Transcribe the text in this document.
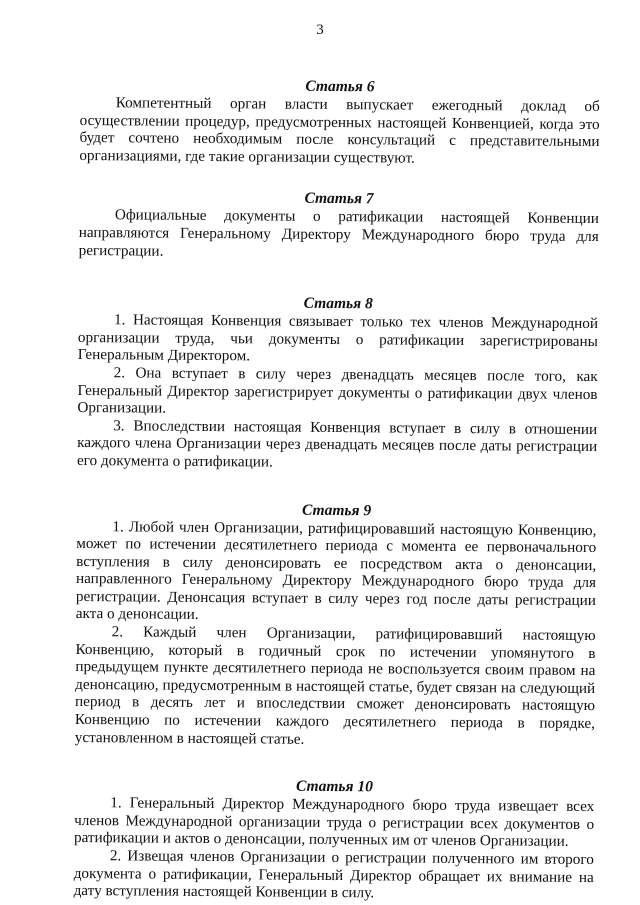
3
Статья 6

Компетентный орган власти выпускает ежегодный доклад об осуществлении процедур, предусмотренных настоящей Конвенцией, когда это будет сочтено необходимым после консультаций с представительными организациями, где такие организации существуют.

Статья 7

Официальные документы о ратификации настоящей Конвенции направляются Генеральному Директору Международного бюро труда для регистрации.

Статья 8

1. Настоящая Конвенция связывает только тех членов Международной организации труда, чьи документы о ратификации зарегистрированы Генеральным Директором.

2. Она вступает в силу через двенадцать месяцев после того, как Генеральный Директор зарегистрирует документы о ратификации двух членов Организации.

3. Впоследствии настоящая Конвенция вступает в силу в отношении каждого члена Организации через двенадцать месяцев после даты регистрации его документа о ратификации.

Статья 9

1. Любой член Организации, ратифицировавший настоящую Конвенцию, может по истечении десятилетнего периода с момента ее первоначального вступления в силу денонсировать ее посредством акта о денонсации, направленного Генеральному Директору Международного бюро труда для регистрации. Денонсация вступает в силу через год после даты регистрации акта о денонсации.

2. Каждый член Организации, ратифицировавший настоящую Конвенцию, который в годичный срок по истечении упомянутого в предыдущем пункте десятилетнего периода не воспользуется своим правом на денонсацию, предусмотренным в настоящей статье, будет связан на следующий период в десять лет и впоследствии сможет денонсировать настоящую Конвенцию по истечении каждого десятилетнего периода в порядке, установленном в настоящей статье.

Статья 10

1. Генеральный Директор Международного бюро труда извещает всех членов Международной организации труда о регистрации всех документов о ратификации и актов о денонсации, полученных им от членов Организации.

2. Извещая членов Организации о регистрации полученного им второго документа о ратификации, Генеральный Директор обращает их внимание на дату вступления настоящей Конвенции в силу.
